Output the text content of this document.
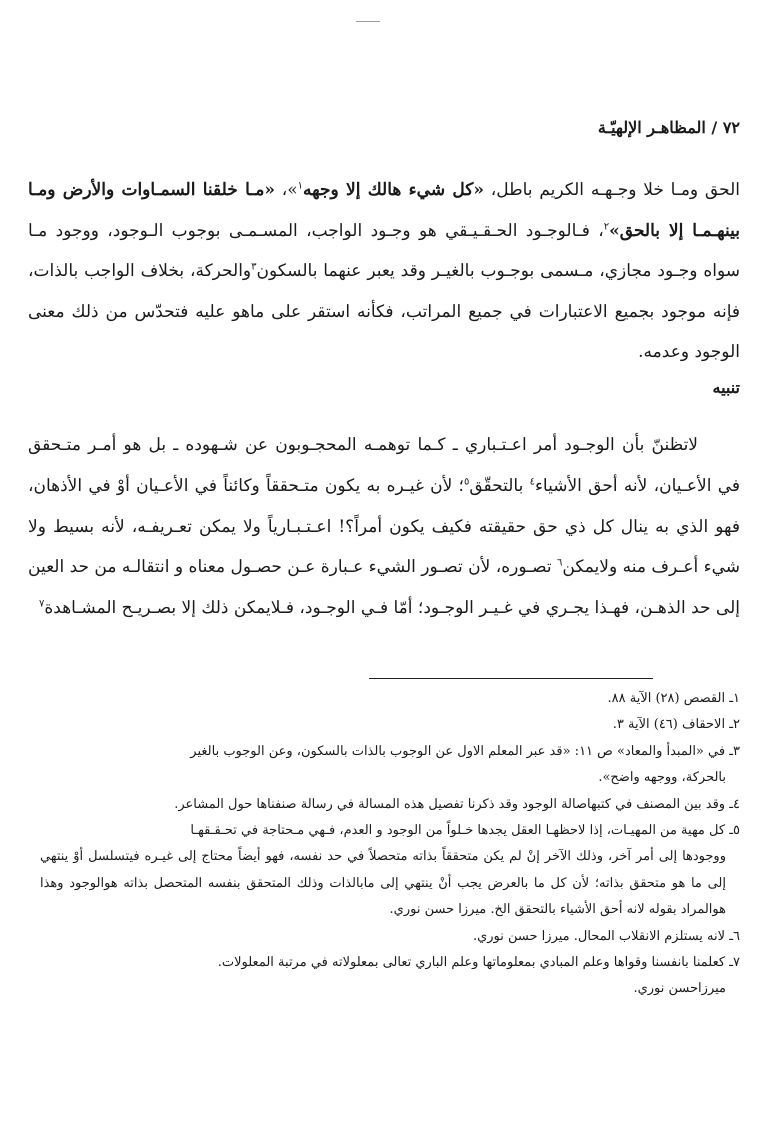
٧٢ / المظاهـر الإلهيّـة

الحق ومـا خلا وجـهـه الكريم باطل، «كل شيء هالك إلا وجهه$^١$»، «مـا خلقنا السمـاوات والأرض ومـا بينهـمـا إلا بالحق»$^٢$، فـالوجـود الحـقـيـقي هو وجـود الواجب، المسـمـى بوجوب الـوجود، ووجود مـا سواه وجـود مجازي، مـسمى بوجـوب بالغيـر وقد يعبر عنهما بالسكون$^٣$والحركة، بخلاف الواجب بالذات، فإنه موجود بجميع الاعتبارات في جميع المراتب، فكأنه استقر على ماهو عليه فتحدّس من ذلك معنى الوجود وعدمه.

تنبيه

لاتظننّ بأن الوجـود أمر اعـتـباري ـ كـما توهمـه المحجـوبون عن شـهوده ـ بل هو أمـر متـحقق في الأعـيان، لأنه أحق الأشياء$^٤$ بالتحقّق$^٥$؛ لأن غيـره به يكون متـحققاً وكائناً في الأعـيان أوْ في الأذهان، فهو الذي به ينال كل ذي حق حقيقته فكيف يكون أمراً؟! اعـتـبـارياً ولا يمكن تعـريفـه، لأنه بسيط ولا شيء أعـرف منه ولايمكن$^٦$ تصـوره، لأن تصـور الشيء عـبارة عـن حصـول معناه و انتقالـه من حد العين إلى حد الذهـن، فهـذا يجـري في غـيـر الوجـود؛ أمّا فـي الوجـود، فـلايمكن ذلك إلا بصـريـح المشـاهدة$^٧$

١ـ القصص (٢٨) الآية ٨٨.
٢ـ الاحقاف (٤٦) الآية ٣.
٣ـ في «المبدأ والمعاد» ص ١١: «قد عبر المعلم الاول عن الوجوب بالذات بالسكون، وعن الوجوب بالغير
بالحركة، ووجهه واضح».
٤ـ وقد بين المصنف في كتبهاصالة الوجود وقد ذكرنا تفصيل هذه المسالة في رسالة صنفناها حول المشاعر.
٥ـ كل مهية من المهيـات، إذا لاحظهـا العقل يجدها خـلواً من الوجود و العدم، فـهي مـحتاجة في تحـقـقهـا
ووجودها إلى أمر آخر، وذلك الآخر إنْ لم يكن متحققاً بذاته متحصلاً في حد نفسه، فهو أيضاً محتاج إلى غيـره فيتسلسل أوْ ينتهي إلى ما هو متحقق بذاته؛ لأن كل ما بالعرض يجب أنْ ينتهي إلى مابالذات وذلك المتحقق بنفسه المتحصل بذاته هوالوجود وهذا هوالمراد بقوله لانه أحق الأشياء بالتحقق الخ. ميرزا حسن نوري.
٦ـ لانه يستلزم الانقلاب المحال. ميرزا حسن نوري.
٧ـ كعلمنا بانفسنا وقواها وعلم المبادي بمعلوماتها وعلم الباري تعالى بمعلولاته في مرتبة المعلولات.
ميرزاحسن نوري.
